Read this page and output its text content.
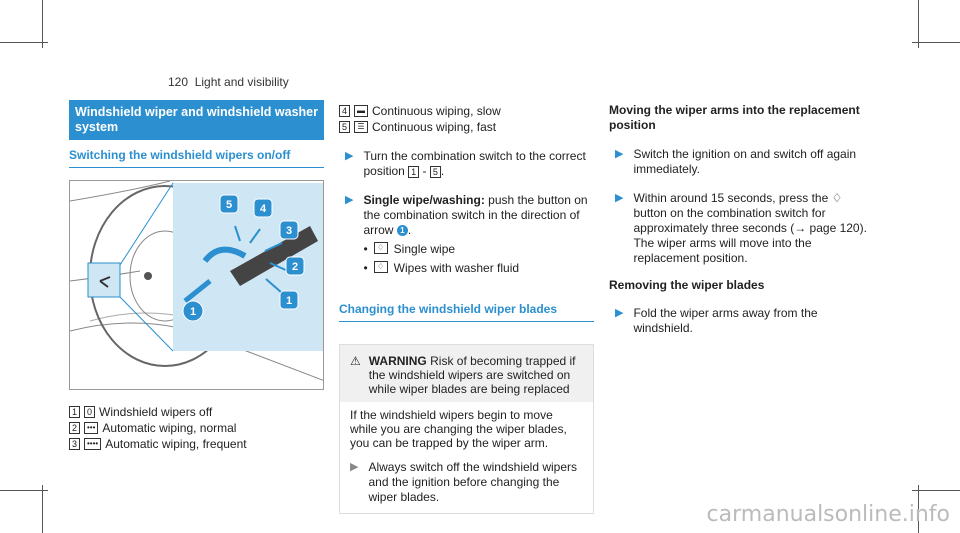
120 Light and visibility
Windshield wiper and windshield washer system
Switching the windshield wipers on/off
5	4
3
2
1
1
1	0 Windshield wipers off
2	••• Automatic wiping, normal
3	•••• Automatic wiping, frequent
4	▬ Continuous wiping, slow
5	☰ Continuous wiping, fast
▶ Turn the combination switch to the correct position 1 - 5 .
▶ Single wipe/washing: push the button on the combination switch in the direction of arrow 1 .
•	♢ Single wipe
•	♢ Wipes with washer fluid
Changing the windshield wiper blades
⚠ WARNING Risk of becoming trapped if the windshield wipers are switched on while wiper blades are being replaced
If the windshield wipers begin to move while you are changing the wiper blades, you can be trapped by the wiper arm.
▶ Always switch off the windshield wipers and the ignition before changing the wiper blades.
Moving the wiper arms into the replacement position
▶ Switch the ignition on and switch off again immediately.
▶ Within around 15 seconds, press the ♢ button on the combination switch for approximately three seconds (→ page 120).
The wiper arms will move into the replacement position.
Removing the wiper blades
▶ Fold the wiper arms away from the windshield.
carmanualsonline.info
